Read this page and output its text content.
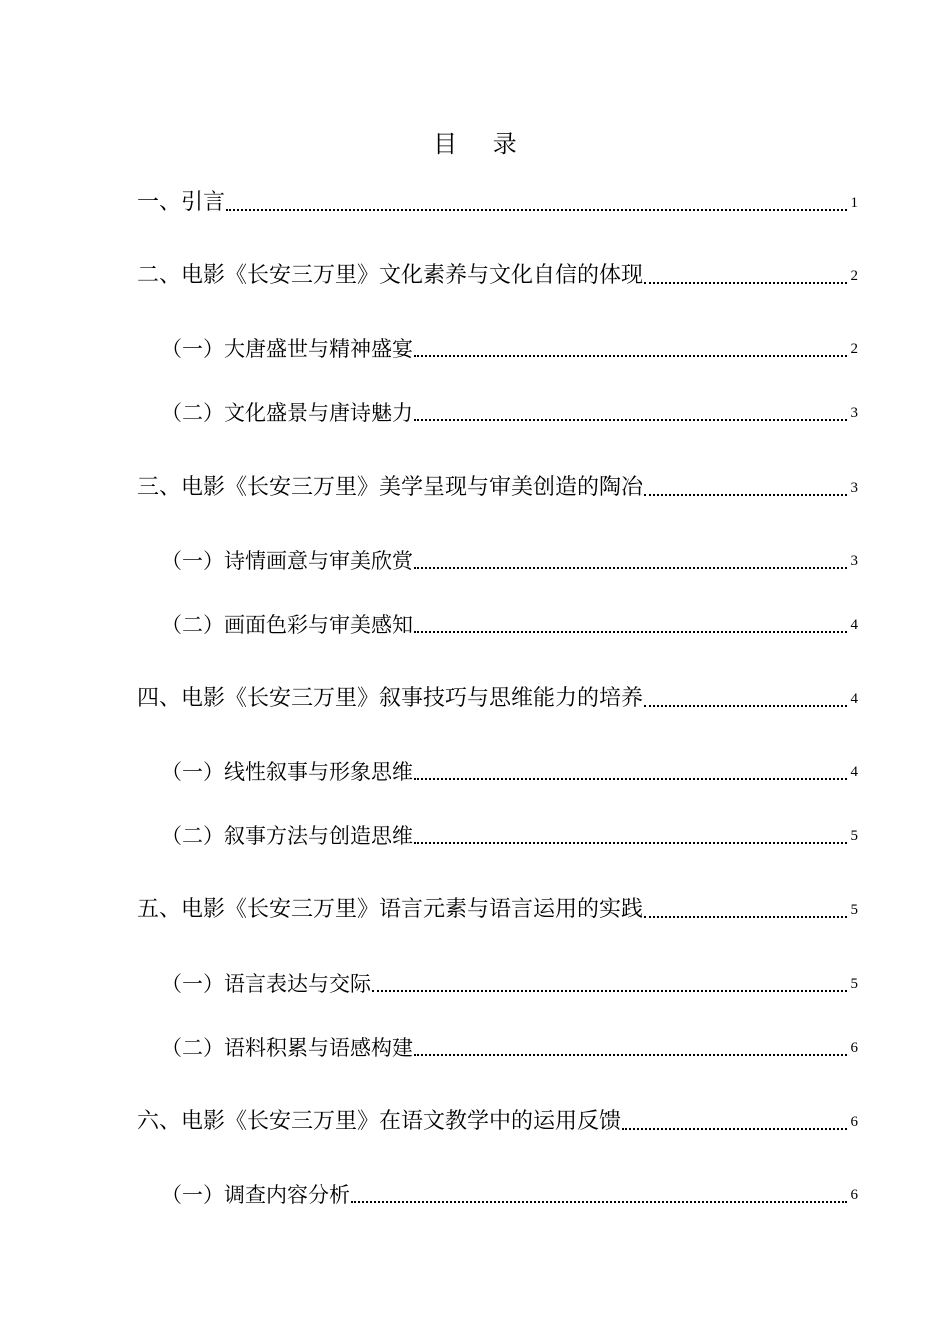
目 录
一、引言	1
二、电影《长安三万里》文化素养与文化自信的体现	2
（一）大唐盛世与精神盛宴	2
（二）文化盛景与唐诗魅力	3
三、电影《长安三万里》美学呈现与审美创造的陶冶	3
（一）诗情画意与审美欣赏	3
（二）画面色彩与审美感知	4
四、电影《长安三万里》叙事技巧与思维能力的培养	4
（一）线性叙事与形象思维	4
（二）叙事方法与创造思维	5
五、电影《长安三万里》语言元素与语言运用的实践	5
（一）语言表达与交际	5
（二）语料积累与语感构建	6
六、电影《长安三万里》在语文教学中的运用反馈	6
（一）调查内容分析	6
